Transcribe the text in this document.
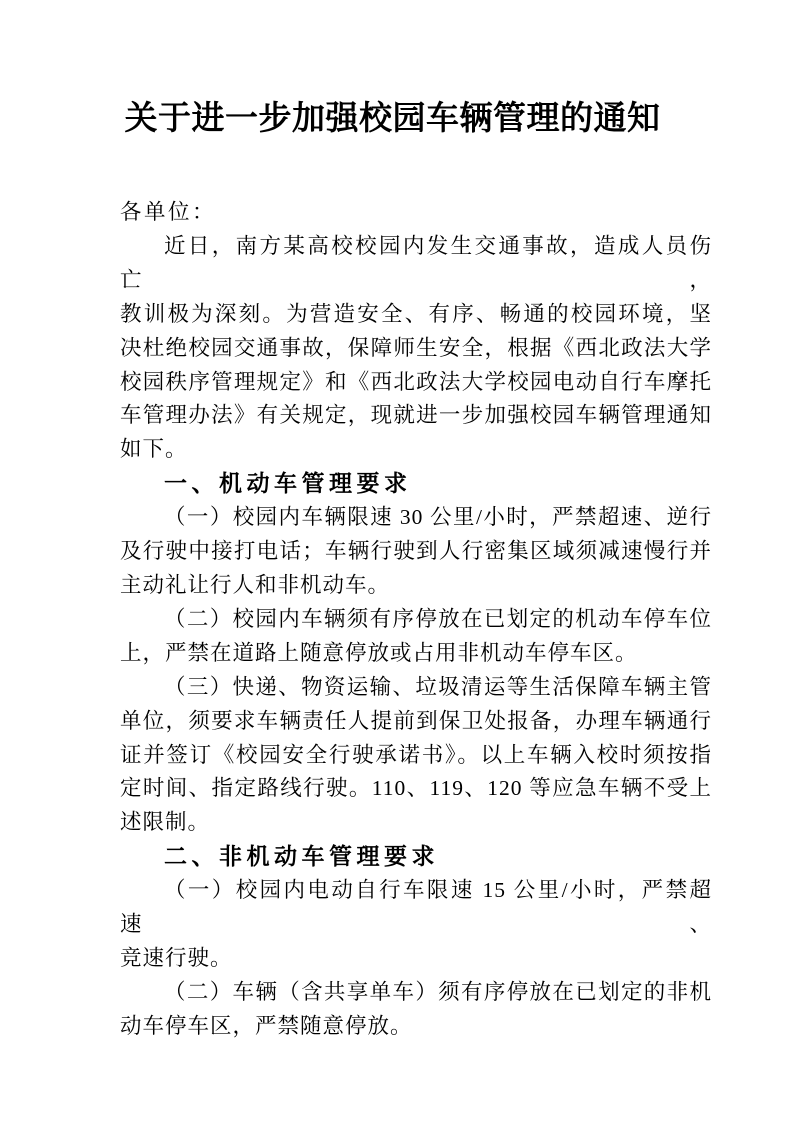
关于进一步加强校园车辆管理的通知
各单位：
近日，南方某高校校园内发生交通事故，造成人员伤亡，
教训极为深刻。为营造安全、有序、畅通的校园环境，坚
决杜绝校园交通事故，保障师生安全，根据《西北政法大学
校园秩序管理规定》和《西北政法大学校园电动自行车摩托
车管理办法》有关规定，现就进一步加强校园车辆管理通知
如下。
一、机动车管理要求
（一）校园内车辆限速 30 公里/小时，严禁超速、逆行
及行驶中接打电话；车辆行驶到人行密集区域须减速慢行并
主动礼让行人和非机动车。
（二）校园内车辆须有序停放在已划定的机动车停车位
上，严禁在道路上随意停放或占用非机动车停车区。
（三）快递、物资运输、垃圾清运等生活保障车辆主管
单位，须要求车辆责任人提前到保卫处报备，办理车辆通行
证并签订《校园安全行驶承诺书》。以上车辆入校时须按指
定时间、指定路线行驶。110、119、120 等应急车辆不受上
述限制。
二、非机动车管理要求
（一）校园内电动自行车限速 15 公里/小时，严禁超速、
竞速行驶。
（二）车辆（含共享单车）须有序停放在已划定的非机
动车停车区，严禁随意停放。
